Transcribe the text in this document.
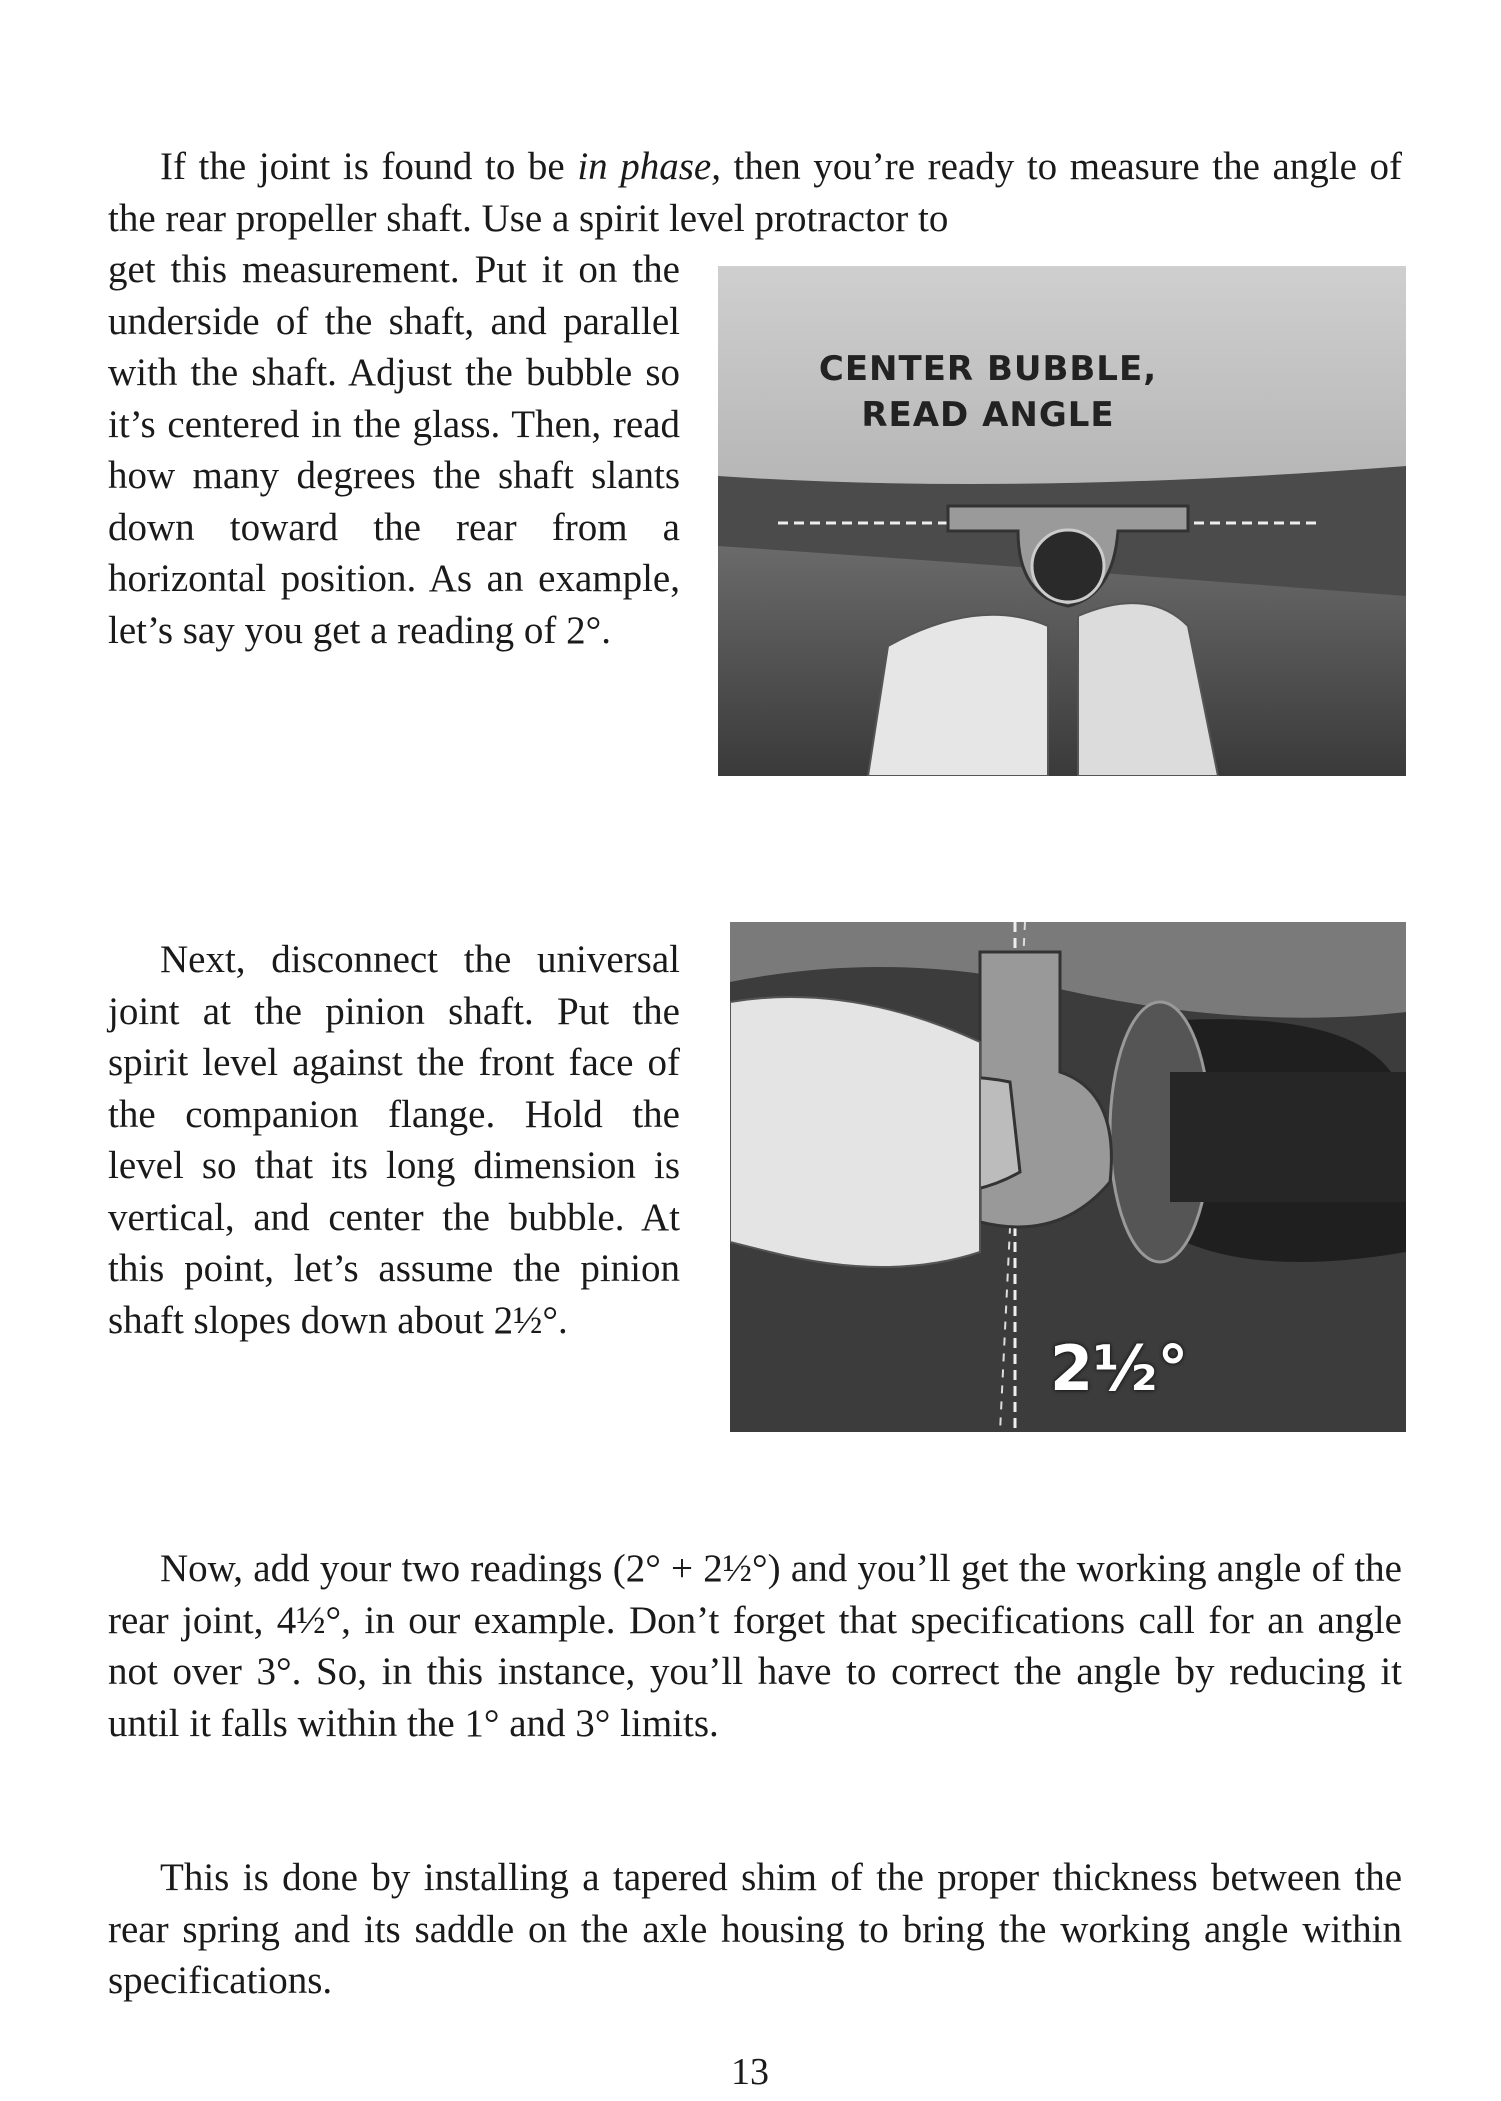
If the joint is found to be in phase, then you’re ready to measure the angle of the rear propeller shaft. Use a spirit level protractor to

get this measurement. Put it on the underside of the shaft, and parallel with the shaft. Adjust the bubble so it’s centered in the glass. Then, read how many degrees the shaft slants down toward the rear from a horizontal position. As an example, let’s say you get a reading of 2°.

CENTER BUBBLE,
READ ANGLE

Next, disconnect the universal joint at the pinion shaft. Put the spirit level against the front face of the companion flange. Hold the level so that its long dimension is vertical, and center the bubble. At this point, let’s assume the pinion shaft slopes down about 2½°.

2½°

Now, add your two readings (2° + 2½°) and you’ll get the working angle of the rear joint, 4½°, in our example. Don’t forget that specifications call for an angle not over 3°. So, in this instance, you’ll have to correct the angle by reducing it until it falls within the 1° and 3° limits.

This is done by installing a tapered shim of the proper thickness between the rear spring and its saddle on the axle housing to bring the working angle within specifications.

13
